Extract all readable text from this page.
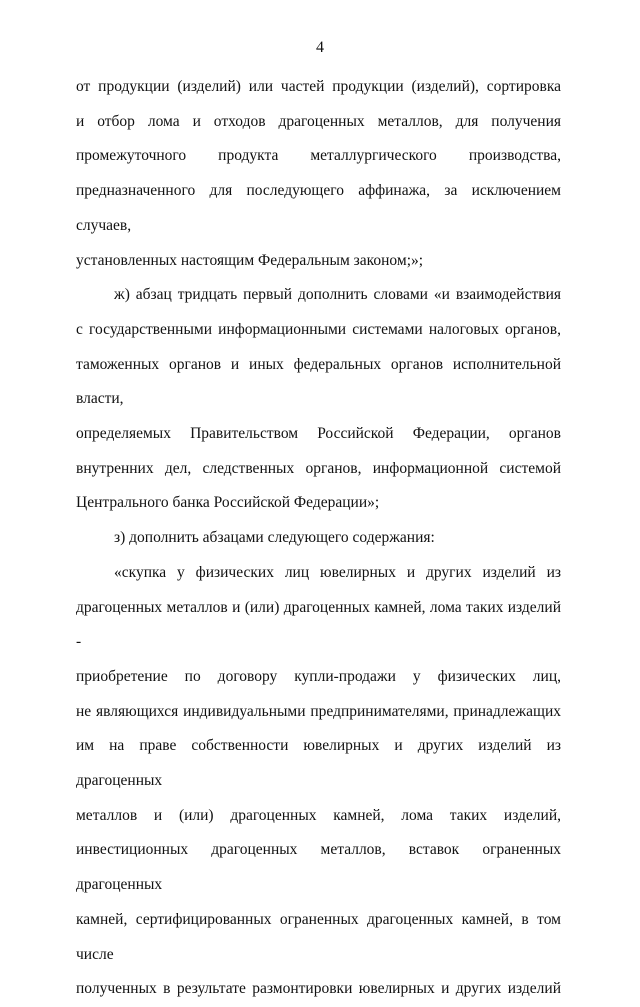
4

от продукции (изделий) или частей продукции (изделий), сортировка

и отбор лома и отходов драгоценных металлов, для получения

промежуточного продукта металлургического производства,

предназначенного для последующего аффинажа, за исключением случаев,

установленных настоящим Федеральным законом;»;

ж) абзац тридцать первый дополнить словами «и взаимодействия

с государственными информационными системами налоговых органов,

таможенных органов и иных федеральных органов исполнительной власти,

определяемых Правительством Российской Федерации, органов

внутренних дел, следственных органов, информационной системой

Центрального банка Российской Федерации»;

з) дополнить абзацами следующего содержания:

«скупка у физических лиц ювелирных и других изделий из

драгоценных металлов и (или) драгоценных камней, лома таких изделий -

приобретение по договору купли-продажи у физических лиц,

не являющихся индивидуальными предпринимателями, принадлежащих

им на праве собственности ювелирных и других изделий из драгоценных

металлов и (или) драгоценных камней, лома таких изделий,

инвестиционных драгоценных металлов, вставок ограненных драгоценных

камней, сертифицированных ограненных драгоценных камней, в том числе

полученных в результате размонтировки ювелирных и других изделий
